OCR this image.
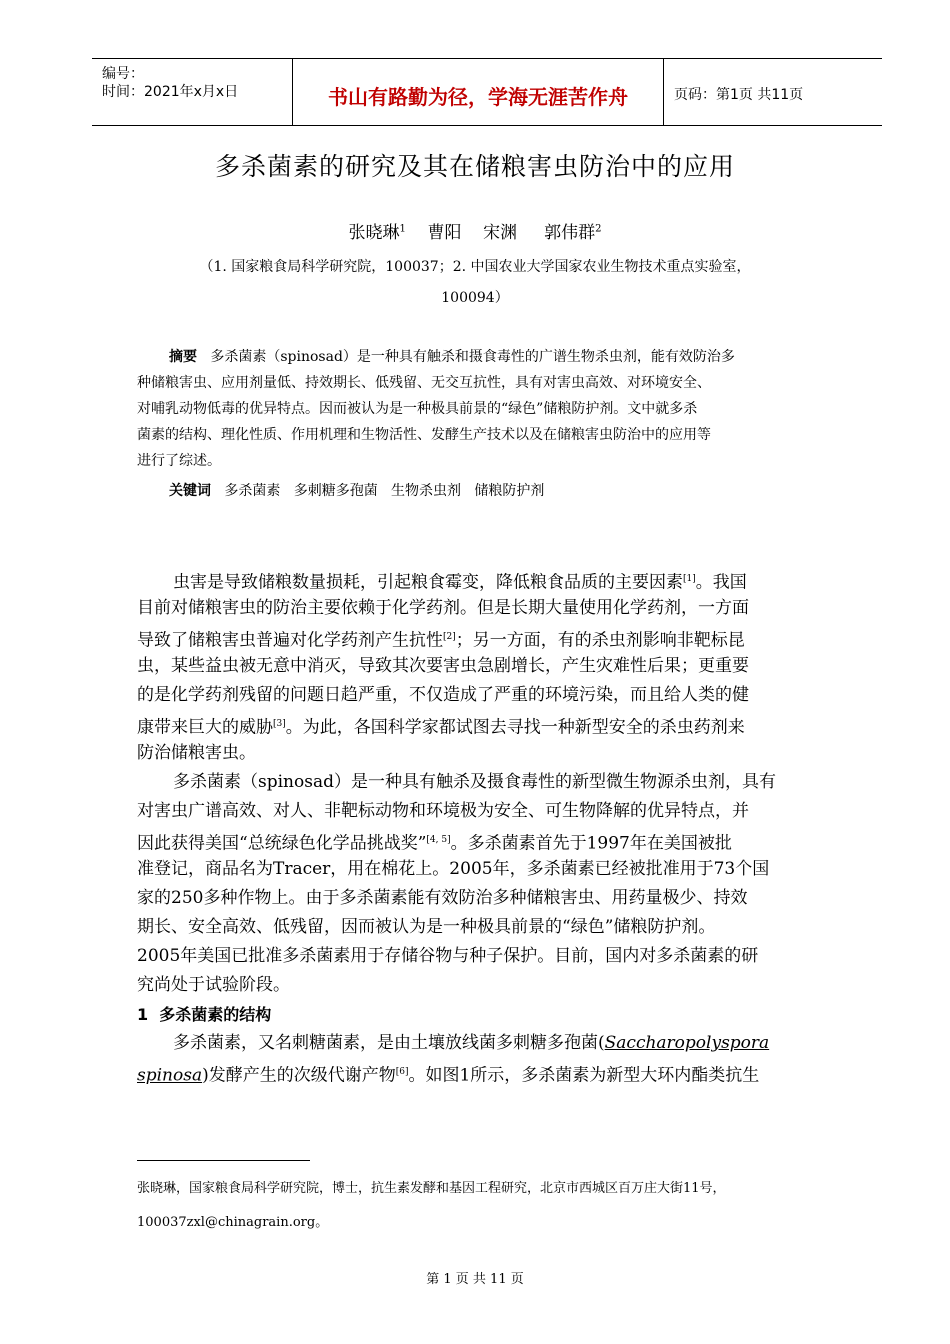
编号：
时间：2021年x月x日	书山有路勤为径，学海无涯苦作舟	页码：第1页 共11页
多杀菌素的研究及其在储粮害虫防治中的应用
张晓琳$^1$ 曹阳 宋渊 郭伟群$^2$
（1. 国家粮食局科学研究院，100037；2. 中国农业大学国家农业生物技术重点实验室，
100094）
摘要 多杀菌素（spinosad）是一种具有触杀和摄食毒性的广谱生物杀虫剂，能有效防治多
种储粮害虫、应用剂量低、持效期长、低残留、无交互抗性，具有对害虫高效、对环境安全、
对哺乳动物低毒的优异特点。因而被认为是一种极具前景的“绿色”储粮防护剂。文中就多杀
菌素的结构、理化性质、作用机理和生物活性、发酵生产技术以及在储粮害虫防治中的应用等
进行了综述。
关键词 多杀菌素   多刺糖多孢菌   生物杀虫剂   储粮防护剂
虫害是导致储粮数量损耗，引起粮食霉变，降低粮食品质的主要因素[1]。我国
目前对储粮害虫的防治主要依赖于化学药剂。但是长期大量使用化学药剂，一方面
导致了储粮害虫普遍对化学药剂产生抗性[2]；另一方面，有的杀虫剂影响非靶标昆
虫，某些益虫被无意中消灭，导致其次要害虫急剧增长，产生灾难性后果；更重要
的是化学药剂残留的问题日趋严重，不仅造成了严重的环境污染，而且给人类的健
康带来巨大的威胁[3]。为此，各国科学家都试图去寻找一种新型安全的杀虫药剂来
防治储粮害虫。
多杀菌素（spinosad）是一种具有触杀及摄食毒性的新型微生物源杀虫剂，具有
对害虫广谱高效、对人、非靶标动物和环境极为安全、可生物降解的优异特点，并
因此获得美国“总统绿色化学品挑战奖”[4, 5]。多杀菌素首先于1997年在美国被批
准登记，商品名为Tracer，用在棉花上。2005年，多杀菌素已经被批准用于73个国
家的250多种作物上。由于多杀菌素能有效防治多种储粮害虫、用药量极少、持效
期长、安全高效、低残留，因而被认为是一种极具前景的“绿色”储粮防护剂。
2005年美国已批准多杀菌素用于存储谷物与种子保护。目前，国内对多杀菌素的研
究尚处于试验阶段。
1  多杀菌素的结构
多杀菌素，又名刺糖菌素，是由土壤放线菌多刺糖多孢菌(Saccharopolyspora
spinosa)发酵产生的次级代谢产物[6]。如图1所示，多杀菌素为新型大环内酯类抗生
张晓琳，国家粮食局科学研究院，博士，抗生素发酵和基因工程研究，北京市西城区百万庄大街11号，
100037zxl@chinagrain.org。
第 1 页 共 11 页
